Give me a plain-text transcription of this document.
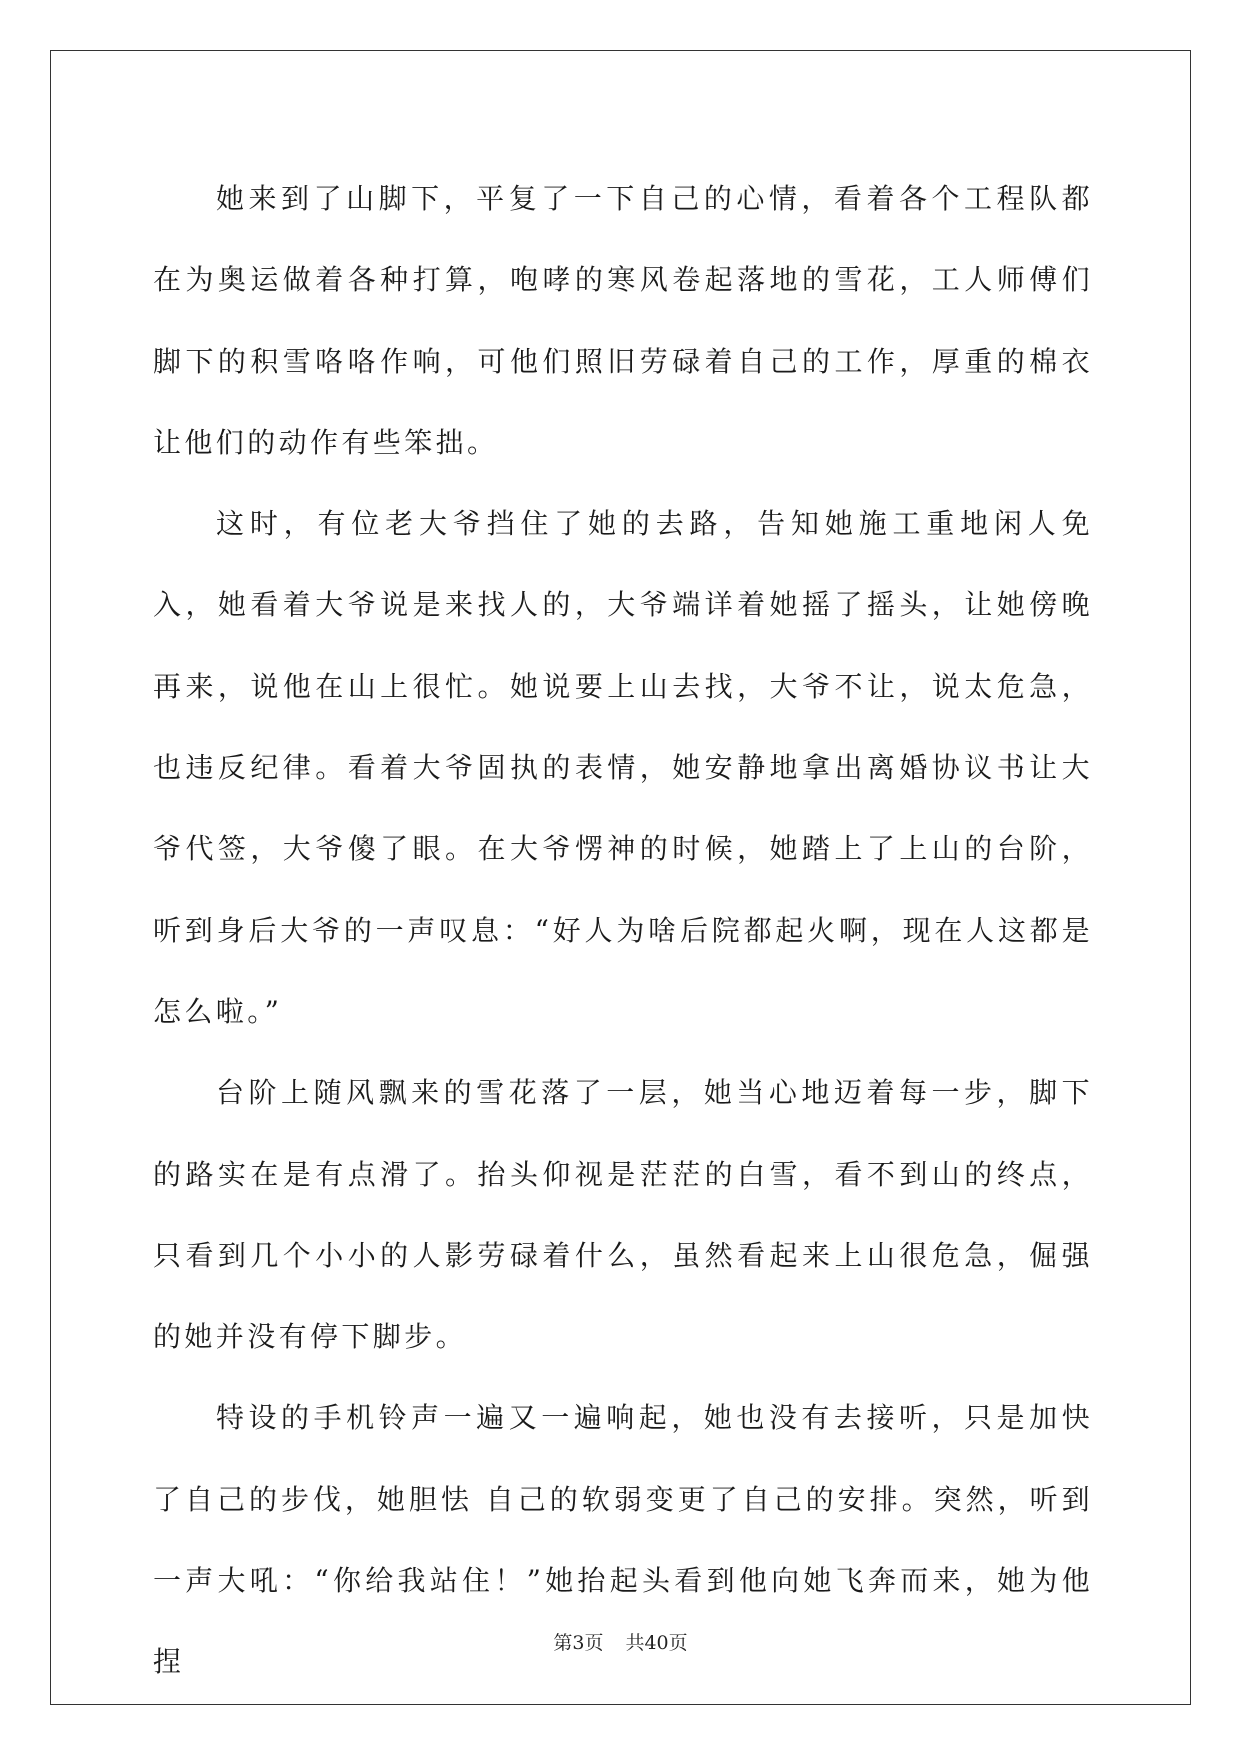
她来到了山脚下，平复了一下自己的心情，看着各个工程队都在为奥运做着各种打算，咆哮的寒风卷起落地的雪花，工人师傅们脚下的积雪咯咯作响，可他们照旧劳碌着自己的工作，厚重的棉衣让他们的动作有些笨拙。

这时，有位老大爷挡住了她的去路，告知她施工重地闲人免入，她看着大爷说是来找人的，大爷端详着她摇了摇头，让她傍晚再来，说他在山上很忙。她说要上山去找，大爷不让，说太危急，也违反纪律。看着大爷固执的表情，她安静地拿出离婚协议书让大爷代签，大爷傻了眼。在大爷愣神的时候，她踏上了上山的台阶，听到身后大爷的一声叹息：“好人为啥后院都起火啊，现在人这都是怎么啦。”

台阶上随风飘来的雪花落了一层，她当心地迈着每一步，脚下的路实在是有点滑了。抬头仰视是茫茫的白雪，看不到山的终点，只看到几个小小的人影劳碌着什么，虽然看起来上山很危急，倔强的她并没有停下脚步。

特设的手机铃声一遍又一遍响起，她也没有去接听，只是加快了自己的步伐，她胆怯 自己的软弱变更了自己的安排。突然，听到一声大吼：“你给我站住！”她抬起头看到他向她飞奔而来，她为他捏

第3页 共40页
